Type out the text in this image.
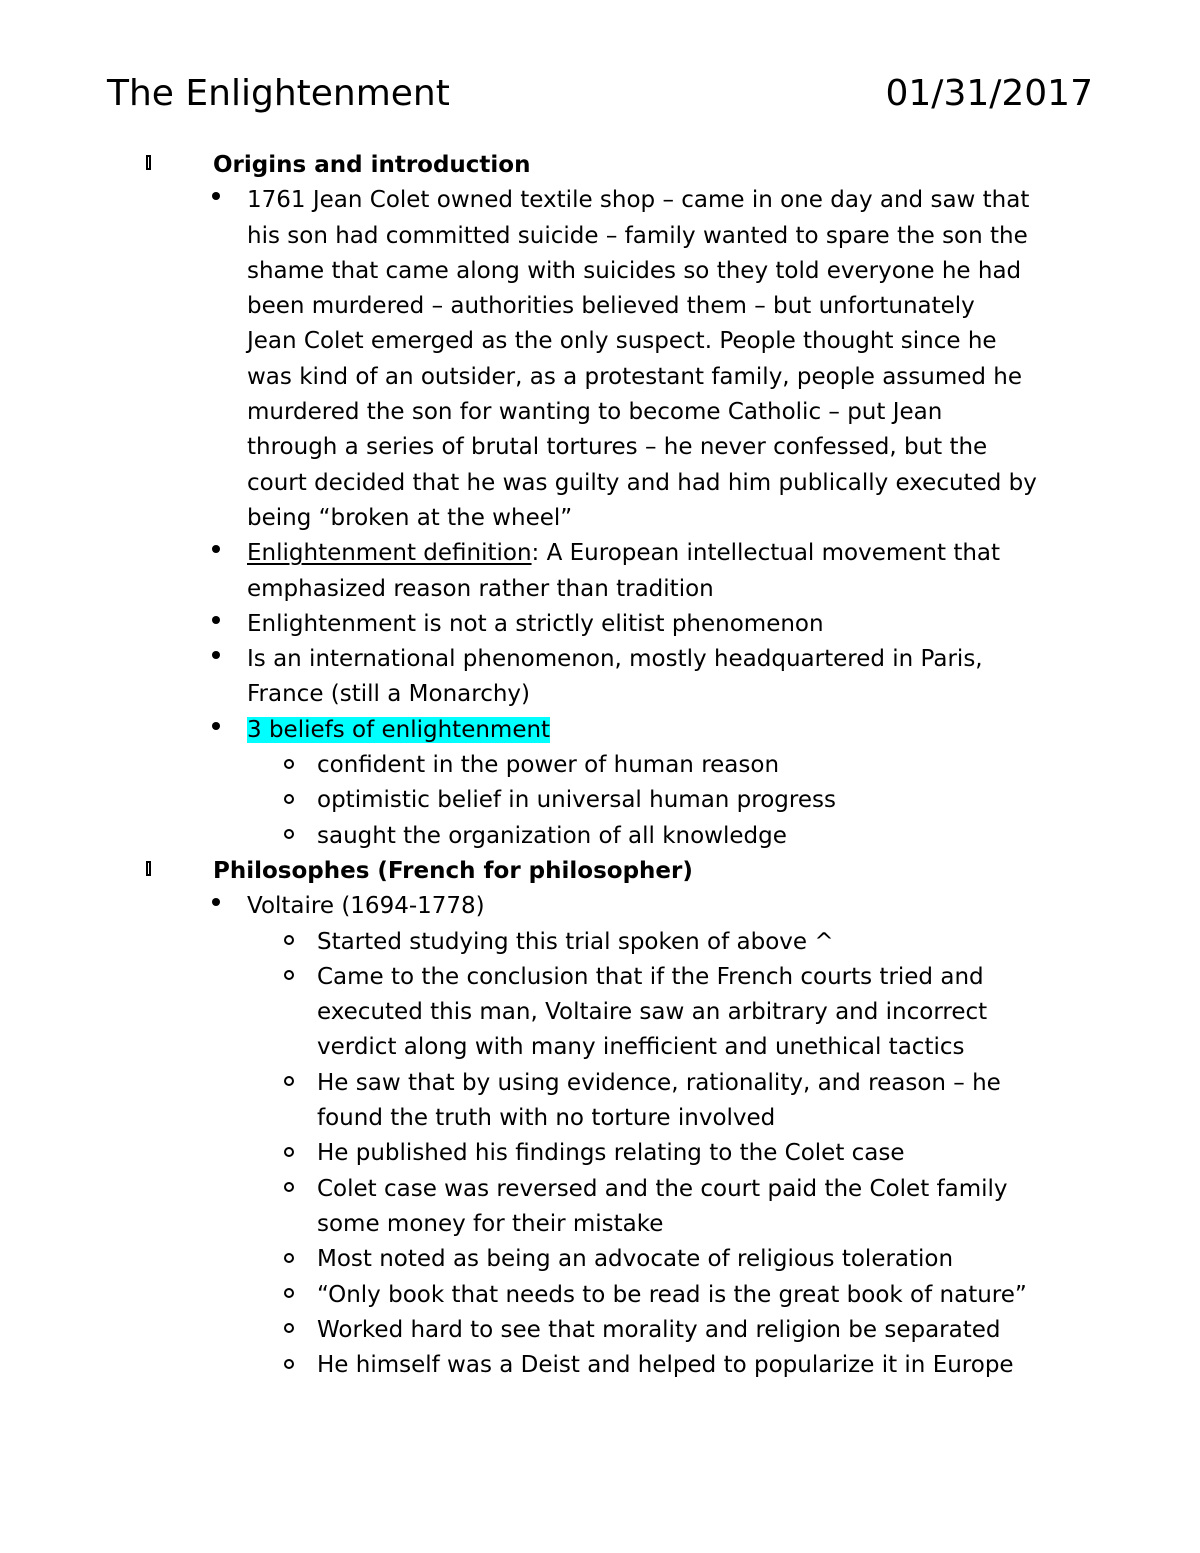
The Enlightenment	01/31/2017
Origins and introduction
1761 Jean Colet owned textile shop – came in one day and saw that
his son had committed suicide – family wanted to spare the son the
shame that came along with suicides so they told everyone he had
been murdered – authorities believed them – but unfortunately
Jean Colet emerged as the only suspect. People thought since he
was kind of an outsider, as a protestant family, people assumed he
murdered the son for wanting to become Catholic – put Jean
through a series of brutal tortures – he never confessed, but the
court decided that he was guilty and had him publically executed by
being “broken at the wheel”
Enlightenment definition: A European intellectual movement that
emphasized reason rather than tradition
Enlightenment is not a strictly elitist phenomenon
Is an international phenomenon, mostly headquartered in Paris,
France (still a Monarchy)
3 beliefs of enlightenment
confident in the power of human reason
optimistic belief in universal human progress
saught the organization of all knowledge
Philosophes (French for philosopher)
Voltaire (1694-1778)
Started studying this trial spoken of above ^
Came to the conclusion that if the French courts tried and
executed this man, Voltaire saw an arbitrary and incorrect
verdict along with many inefficient and unethical tactics
He saw that by using evidence, rationality, and reason – he
found the truth with no torture involved
He published his findings relating to the Colet case
Colet case was reversed and the court paid the Colet family
some money for their mistake
Most noted as being an advocate of religious toleration
“Only book that needs to be read is the great book of nature”
Worked hard to see that morality and religion be separated
He himself was a Deist and helped to popularize it in Europe
